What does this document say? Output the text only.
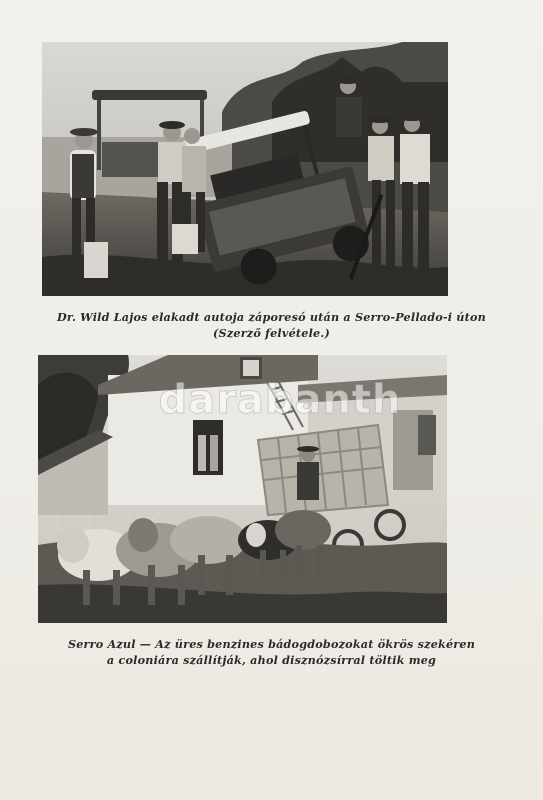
Dr. Wild Lajos elakadt autoja záporesó után a Serro-Pellado-i úton
(Szerző felvétele.)
darabanth
Serro Azul — Az üres benzines bádogdobozokat ökrös szekéren
a coloniára szállítják, ahol disznózsírral töltik meg
